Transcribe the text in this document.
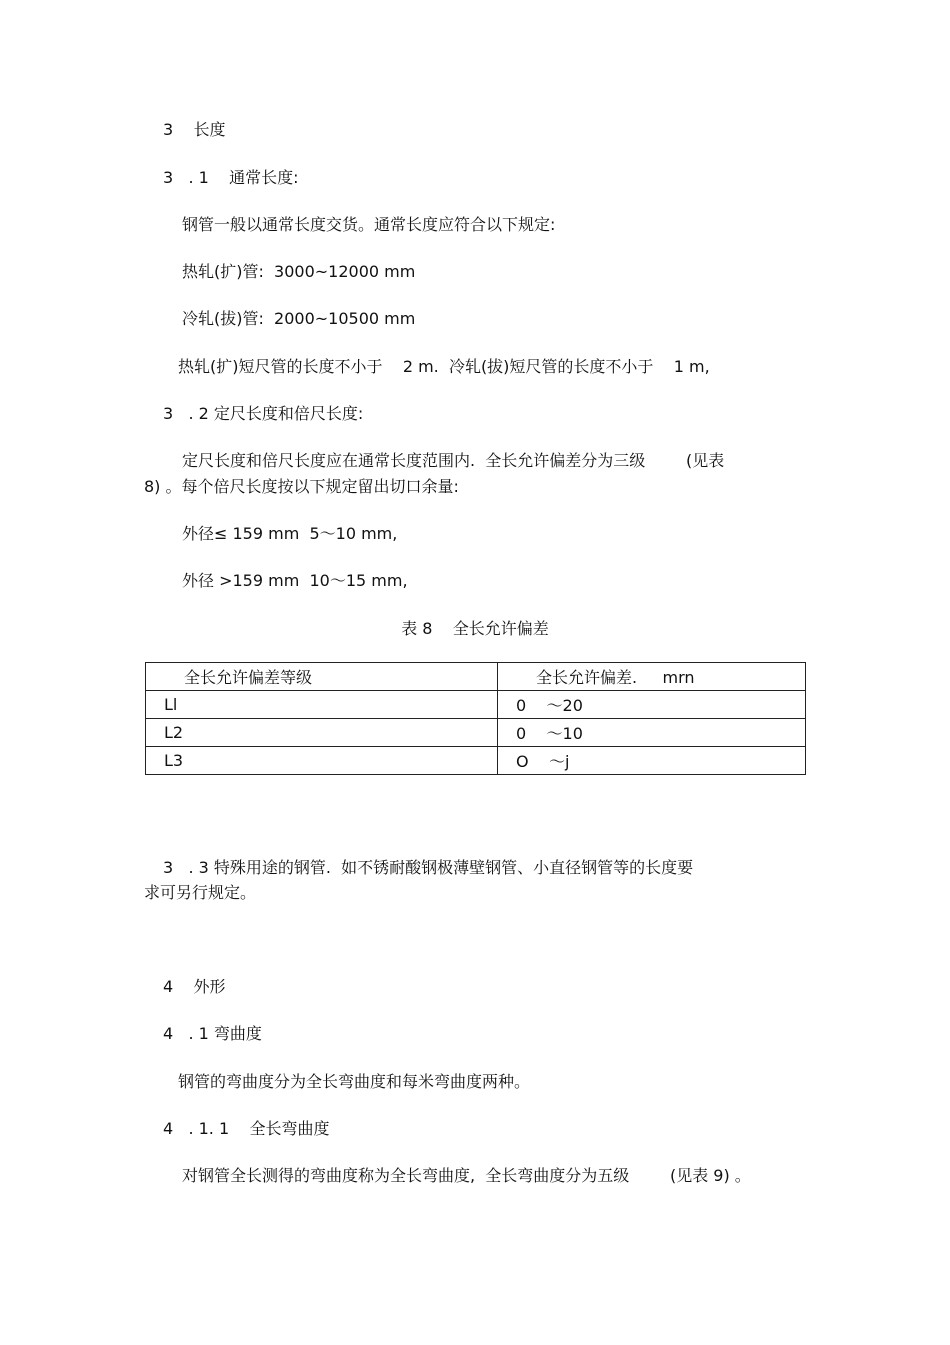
3    长度
3   . 1    通常长度:
钢管一般以通常长度交货。通常长度应符合以下规定:
热轧(扩)管:  3000~12000 mm
冷轧(拔)管:  2000~10500 mm
热轧(扩)短尺管的长度不小于    2 m.  冷轧(拔)短尺管的长度不小于    1 m,
3   . 2 定尺长度和倍尺长度:
定尺长度和倍尺长度应在通常长度范围内.  全长允许偏差分为三级        (见表
8) 。每个倍尺长度按以下规定留出切口余量:
外径≤ 159 mm  5～10 mm,
外径 >159 mm  10～15 mm,
表 8    全长允许偏差
全长允许偏差等级	全长允许偏差.     mrn
Ll	0    ～20
L2	0    ～10
L3	O    ～j
3   . 3 特殊用途的钢管.  如不锈耐酸钢极薄壁钢管、小直径钢管等的长度要
求可另行规定。
4    外形
4   . 1 弯曲度
钢管的弯曲度分为全长弯曲度和每米弯曲度两种。
4   . 1. 1    全长弯曲度
对钢管全长测得的弯曲度称为全长弯曲度,  全长弯曲度分为五级        (见表 9) 。
